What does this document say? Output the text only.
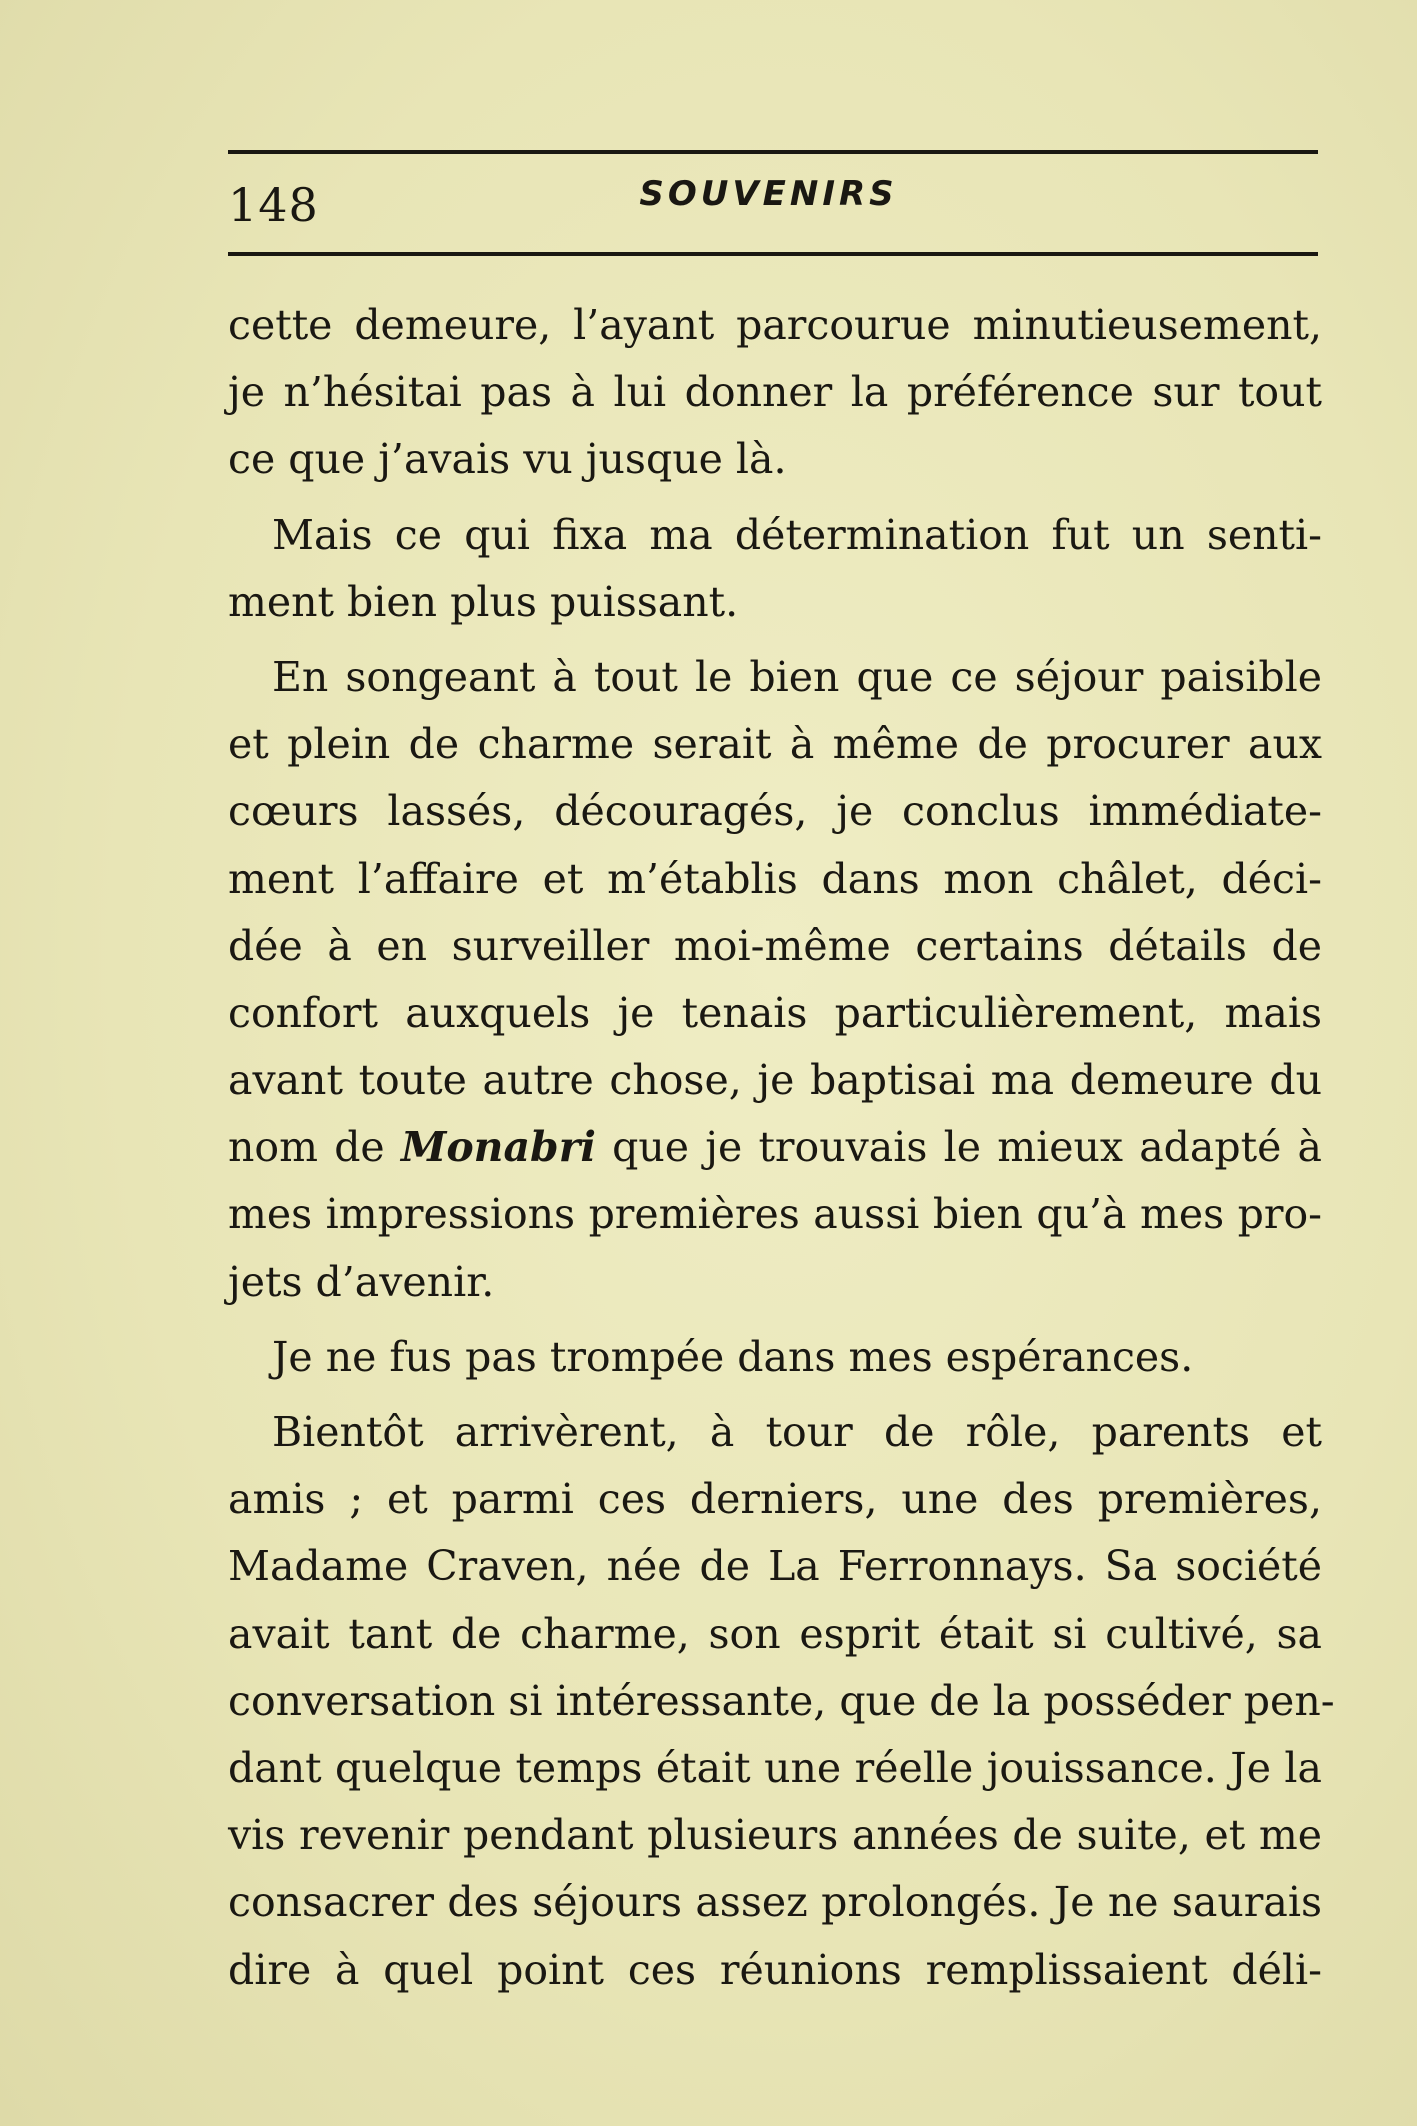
148	SOUVENIRS
cette demeure, l’ayant parcourue minutieusement,
je n’hésitai pas à lui donner la préférence sur tout
ce que j’avais vu jusque là.
Mais ce qui fixa ma détermination fut un senti-
ment bien plus puissant.
En songeant à tout le bien que ce séjour paisible
et plein de charme serait à même de procurer aux
cœurs lassés, découragés, je conclus immédiate-
ment l’affaire et m’établis dans mon châlet, déci-
dée à en surveiller moi-même certains détails de
confort auxquels je tenais particulièrement, mais
avant toute autre chose, je baptisai ma demeure du
nom de Monabri que je trouvais le mieux adapté à
mes impressions premières aussi bien qu’à mes pro-
jets d’avenir.
Je ne fus pas trompée dans mes espérances.
Bientôt arrivèrent, à tour de rôle, parents et
amis ; et parmi ces derniers, une des premières,
Madame Craven, née de La Ferronnays. Sa société
avait tant de charme, son esprit était si cultivé, sa
conversation si intéressante, que de la posséder pen-
dant quelque temps était une réelle jouissance. Je la
vis revenir pendant plusieurs années de suite, et me
consacrer des séjours assez prolongés. Je ne saurais
dire à quel point ces réunions remplissaient déli-
